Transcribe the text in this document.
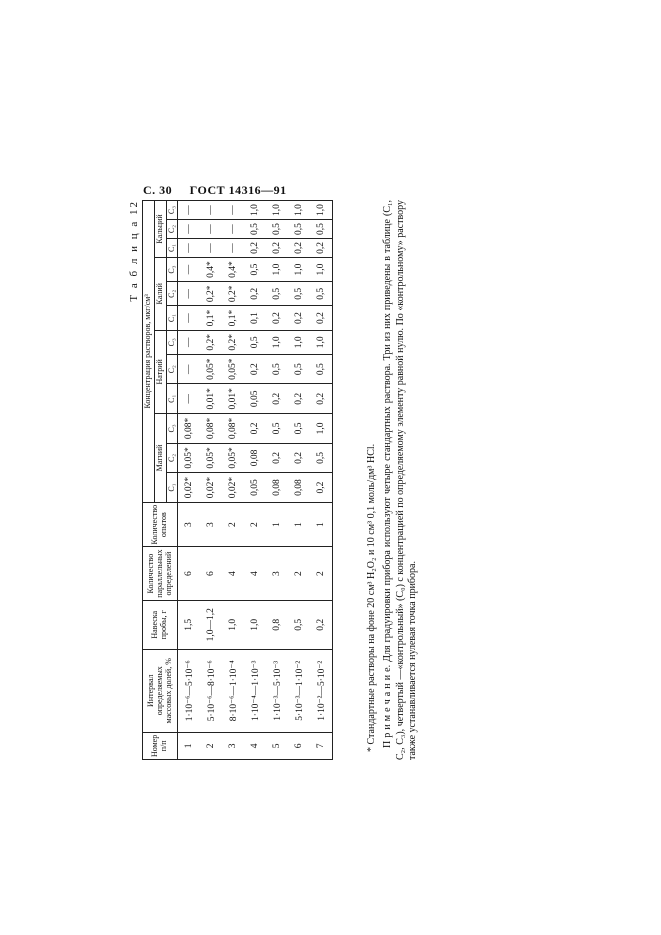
С. 30 ГОСТ 14316—91
Т а б л и ц а 12
Номер п/п	Интервал определяемых массовых долей, %	Навеска пробы, г	Количество параллельных определений	Количество опытов	Концентрация растворов, мкг/см³											
					Магний			Натрий			Калий			Кальций		
					C₁	C₂	C₃	C₁	C₂	C₃	C₁	C₂	C₃	C₁	C₂	C₃
1	1·10⁻⁶—5·10⁻⁶	1,5	6	3	0,02*	0,05*	0,08*	—	—	—	—	—	—	—	—	—
2	5·10⁻⁶—8·10⁻⁶	1,0—1,2	6	3	0,02*	0,05*	0,08*	0,01*	0,05*	0,2*	0,1*	0,2*	0,4*	—	—	—
3	8·10⁻⁶—1·10⁻⁴	1,0	4	2	0,02*	0,05*	0,08*	0,01*	0,05*	0,2*	0,1*	0,2*	0,4*	—	—	—
4	1·10⁻⁴—1·10⁻³	1,0	4	2	0,05	0,08	0,2	0,05	0,2	0,5	0,1	0,2	0,5	0,2	0,5	1,0
5	1·10⁻³—5·10⁻³	0,8	3	1	0,08	0,2	0,5	0,2	0,5	1,0	0,2	0,5	1,0	0,2	0,5	1,0
6	5·10⁻³—1·10⁻²	0,5	2	1	0,08	0,2	0,5	0,2	0,5	1,0	0,2	0,5	1,0	0,2	0,5	1,0
7	1·10⁻²—5·10⁻²	0,2	2	1	0,2	0,5	1,0	0,2	0,5	1,0	0,2	0,5	1,0	0,2	0,5	1,0
* Стандартные растворы на фоне 20 см³ H₂O₂ и 10 см³ 0,1 моль/дм³ HCl. П р и м е ч а н и е. Для градуировки прибора используют четыре стандартных раствора. Три из них приведены в таблице (C₁, C₂, C₃), четвертый —«контрольный» (C₀) с концентрацией по определяемому элементу равной нулю. По «контрольному» раствору также устанавливается нулевая точка прибора.
